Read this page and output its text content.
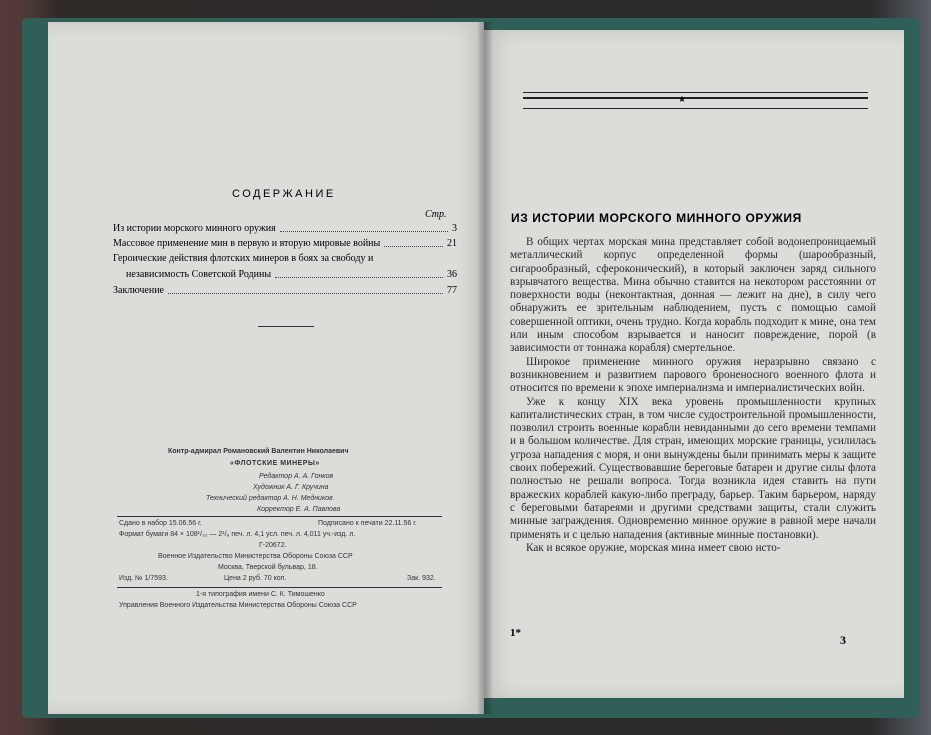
СОДЕРЖАНИЕ
Стр.
Из истории морского минного оружия	3
Массовое применение мин в первую и вторую мировые войны	21
Героические действия флотских минеров в боях за свободу и
независимость Советской Родины	36
Заключение	77
Контр-адмирал Романовский Валентин Николаевич
«ФЛОТСКИЕ МИНЕРЫ»
Редактор А. А. Гонков
Художник А. Г. Кручина
Технический редактор А. Н. Медников
Корректор Е. А. Павлова
Сдано в набор 15.06.56 г.	Подписано к печати 22.11.56 г.
Формат бумаги 84 × 108¹/₃₂ — 2¹/₈ печ. л. 4,1 усл. печ. л. 4,011 уч.-изд. л.
Г-20672.
Военное Издательство Министерства Обороны Союза ССР
Москва, Тверской бульвар, 18.
Цена 2 руб. 70 коп.
Изд. № 1/7593.	Зак. 932.
1-я типография имени С. К. Тимошенко
Управления Военного Издательства Министерства Обороны Союза ССР
★
ИЗ ИСТОРИИ МОРСКОГО МИННОГО ОРУЖИЯ

В общих чертах морская мина представляет собой водонепроницаемый металлический корпус определенной формы (шарообразный, сигарообразный, сфероконический), в который заключен заряд сильного взрывчатого вещества. Мина обычно ставится на некотором расстоянии от поверхности воды (неконтактная, донная — лежит на дне), в силу чего обнаружить ее зрительным наблюдением, пусть с помощью самой совершенной оптики, очень трудно. Когда корабль подходит к мине, она тем или иным способом взрывается и наносит повреждение, порой (в зависимости от тоннажа корабля) смертельное.

Широкое применение минного оружия неразрывно связано с возникновением и развитием парового броненосного военного флота и относится по времени к эпохе империализма и империалистических войн.

Уже к концу XIX века уровень промышленности крупных капиталистических стран, в том числе судостроительной промышленности, позволил строить военные корабли невиданными до сего времени темпами и в большом количестве. Для стран, имеющих морские границы, усилилась угроза нападения с моря, и они вынуждены были принимать меры к защите своих побережий. Существовавшие береговые батареи и другие силы флота полностью не решали вопроса. Тогда возникла идея ставить на пути вражеских кораблей какую-либо преграду, барьер. Таким барьером, наряду с береговыми батареями и другими средствами защиты, стали служить минные заграждения. Одновременно минное оружие в равной мере начали применять и с целью нападения (активные минные постановки).

Как и всякое оружие, морская мина имеет свою исто-

1*	3
